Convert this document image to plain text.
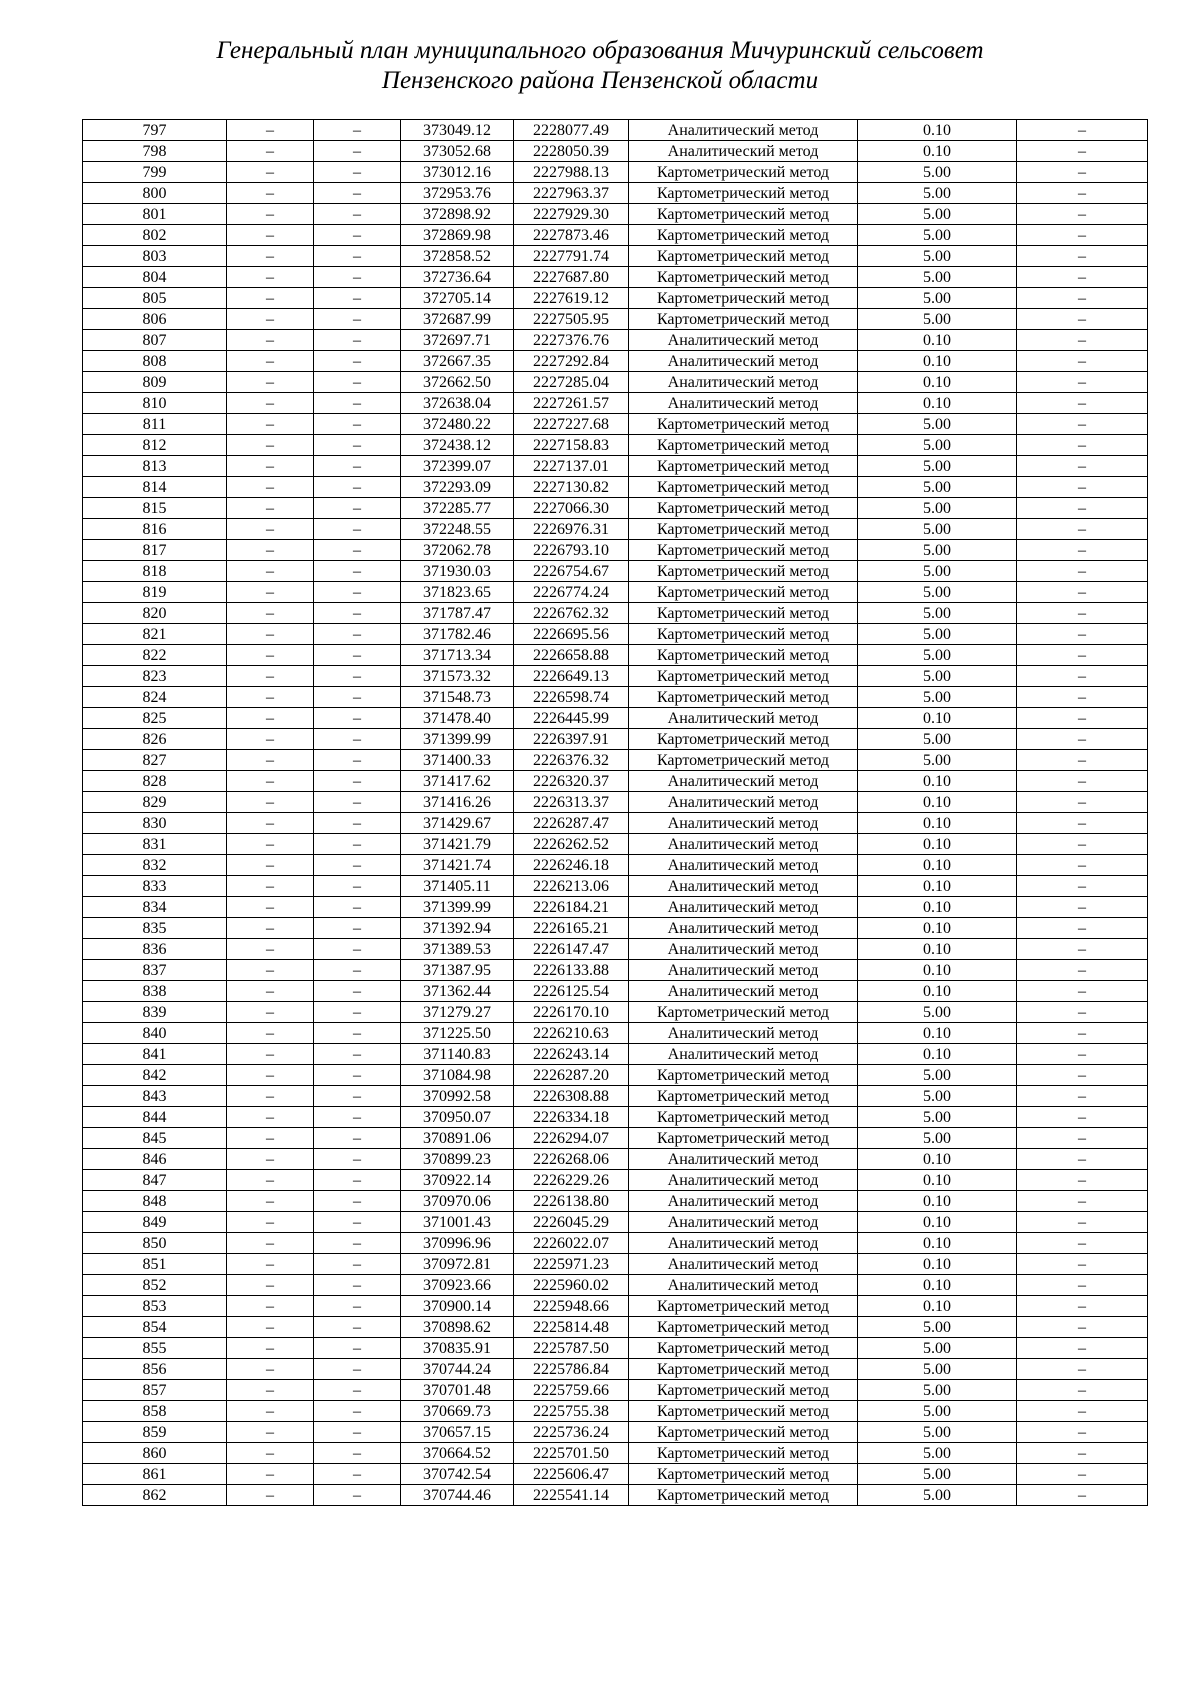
Генеральный план муниципального образования Мичуринский сельсовет
Пензенского района Пензенской области
797	–	–	373049.12	2228077.49	Аналитический метод	0.10	–
798	–	–	373052.68	2228050.39	Аналитический метод	0.10	–
799	–	–	373012.16	2227988.13	Картометрический метод	5.00	–
800	–	–	372953.76	2227963.37	Картометрический метод	5.00	–
801	–	–	372898.92	2227929.30	Картометрический метод	5.00	–
802	–	–	372869.98	2227873.46	Картометрический метод	5.00	–
803	–	–	372858.52	2227791.74	Картометрический метод	5.00	–
804	–	–	372736.64	2227687.80	Картометрический метод	5.00	–
805	–	–	372705.14	2227619.12	Картометрический метод	5.00	–
806	–	–	372687.99	2227505.95	Картометрический метод	5.00	–
807	–	–	372697.71	2227376.76	Аналитический метод	0.10	–
808	–	–	372667.35	2227292.84	Аналитический метод	0.10	–
809	–	–	372662.50	2227285.04	Аналитический метод	0.10	–
810	–	–	372638.04	2227261.57	Аналитический метод	0.10	–
811	–	–	372480.22	2227227.68	Картометрический метод	5.00	–
812	–	–	372438.12	2227158.83	Картометрический метод	5.00	–
813	–	–	372399.07	2227137.01	Картометрический метод	5.00	–
814	–	–	372293.09	2227130.82	Картометрический метод	5.00	–
815	–	–	372285.77	2227066.30	Картометрический метод	5.00	–
816	–	–	372248.55	2226976.31	Картометрический метод	5.00	–
817	–	–	372062.78	2226793.10	Картометрический метод	5.00	–
818	–	–	371930.03	2226754.67	Картометрический метод	5.00	–
819	–	–	371823.65	2226774.24	Картометрический метод	5.00	–
820	–	–	371787.47	2226762.32	Картометрический метод	5.00	–
821	–	–	371782.46	2226695.56	Картометрический метод	5.00	–
822	–	–	371713.34	2226658.88	Картометрический метод	5.00	–
823	–	–	371573.32	2226649.13	Картометрический метод	5.00	–
824	–	–	371548.73	2226598.74	Картометрический метод	5.00	–
825	–	–	371478.40	2226445.99	Аналитический метод	0.10	–
826	–	–	371399.99	2226397.91	Картометрический метод	5.00	–
827	–	–	371400.33	2226376.32	Картометрический метод	5.00	–
828	–	–	371417.62	2226320.37	Аналитический метод	0.10	–
829	–	–	371416.26	2226313.37	Аналитический метод	0.10	–
830	–	–	371429.67	2226287.47	Аналитический метод	0.10	–
831	–	–	371421.79	2226262.52	Аналитический метод	0.10	–
832	–	–	371421.74	2226246.18	Аналитический метод	0.10	–
833	–	–	371405.11	2226213.06	Аналитический метод	0.10	–
834	–	–	371399.99	2226184.21	Аналитический метод	0.10	–
835	–	–	371392.94	2226165.21	Аналитический метод	0.10	–
836	–	–	371389.53	2226147.47	Аналитический метод	0.10	–
837	–	–	371387.95	2226133.88	Аналитический метод	0.10	–
838	–	–	371362.44	2226125.54	Аналитический метод	0.10	–
839	–	–	371279.27	2226170.10	Картометрический метод	5.00	–
840	–	–	371225.50	2226210.63	Аналитический метод	0.10	–
841	–	–	371140.83	2226243.14	Аналитический метод	0.10	–
842	–	–	371084.98	2226287.20	Картометрический метод	5.00	–
843	–	–	370992.58	2226308.88	Картометрический метод	5.00	–
844	–	–	370950.07	2226334.18	Картометрический метод	5.00	–
845	–	–	370891.06	2226294.07	Картометрический метод	5.00	–
846	–	–	370899.23	2226268.06	Аналитический метод	0.10	–
847	–	–	370922.14	2226229.26	Аналитический метод	0.10	–
848	–	–	370970.06	2226138.80	Аналитический метод	0.10	–
849	–	–	371001.43	2226045.29	Аналитический метод	0.10	–
850	–	–	370996.96	2226022.07	Аналитический метод	0.10	–
851	–	–	370972.81	2225971.23	Аналитический метод	0.10	–
852	–	–	370923.66	2225960.02	Аналитический метод	0.10	–
853	–	–	370900.14	2225948.66	Картометрический метод	0.10	–
854	–	–	370898.62	2225814.48	Картометрический метод	5.00	–
855	–	–	370835.91	2225787.50	Картометрический метод	5.00	–
856	–	–	370744.24	2225786.84	Картометрический метод	5.00	–
857	–	–	370701.48	2225759.66	Картометрический метод	5.00	–
858	–	–	370669.73	2225755.38	Картометрический метод	5.00	–
859	–	–	370657.15	2225736.24	Картометрический метод	5.00	–
860	–	–	370664.52	2225701.50	Картометрический метод	5.00	–
861	–	–	370742.54	2225606.47	Картометрический метод	5.00	–
862	–	–	370744.46	2225541.14	Картометрический метод	5.00	–
